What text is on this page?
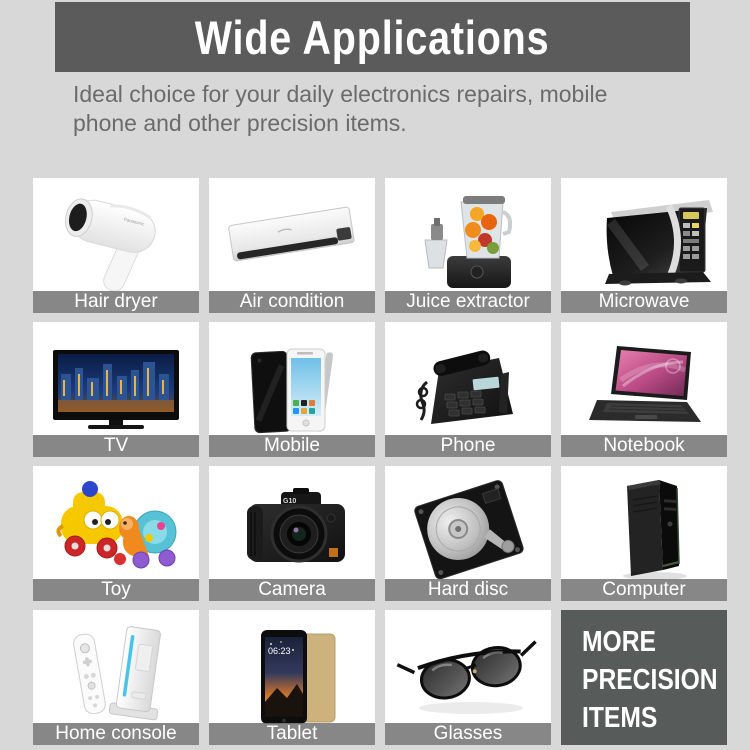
Wide Applications
Ideal choice for your daily electronics repairs, mobile
phone and other precision items.
Panasonic
Hair dryer	Air condition	Juice extractor	Microwave
TV	Mobile	Phone	Notebook
Toy
G10
Camera	Hard disc	Computer
Home console
06:23
Tablet	Glasses
MORE
PRECISION
ITEMS
